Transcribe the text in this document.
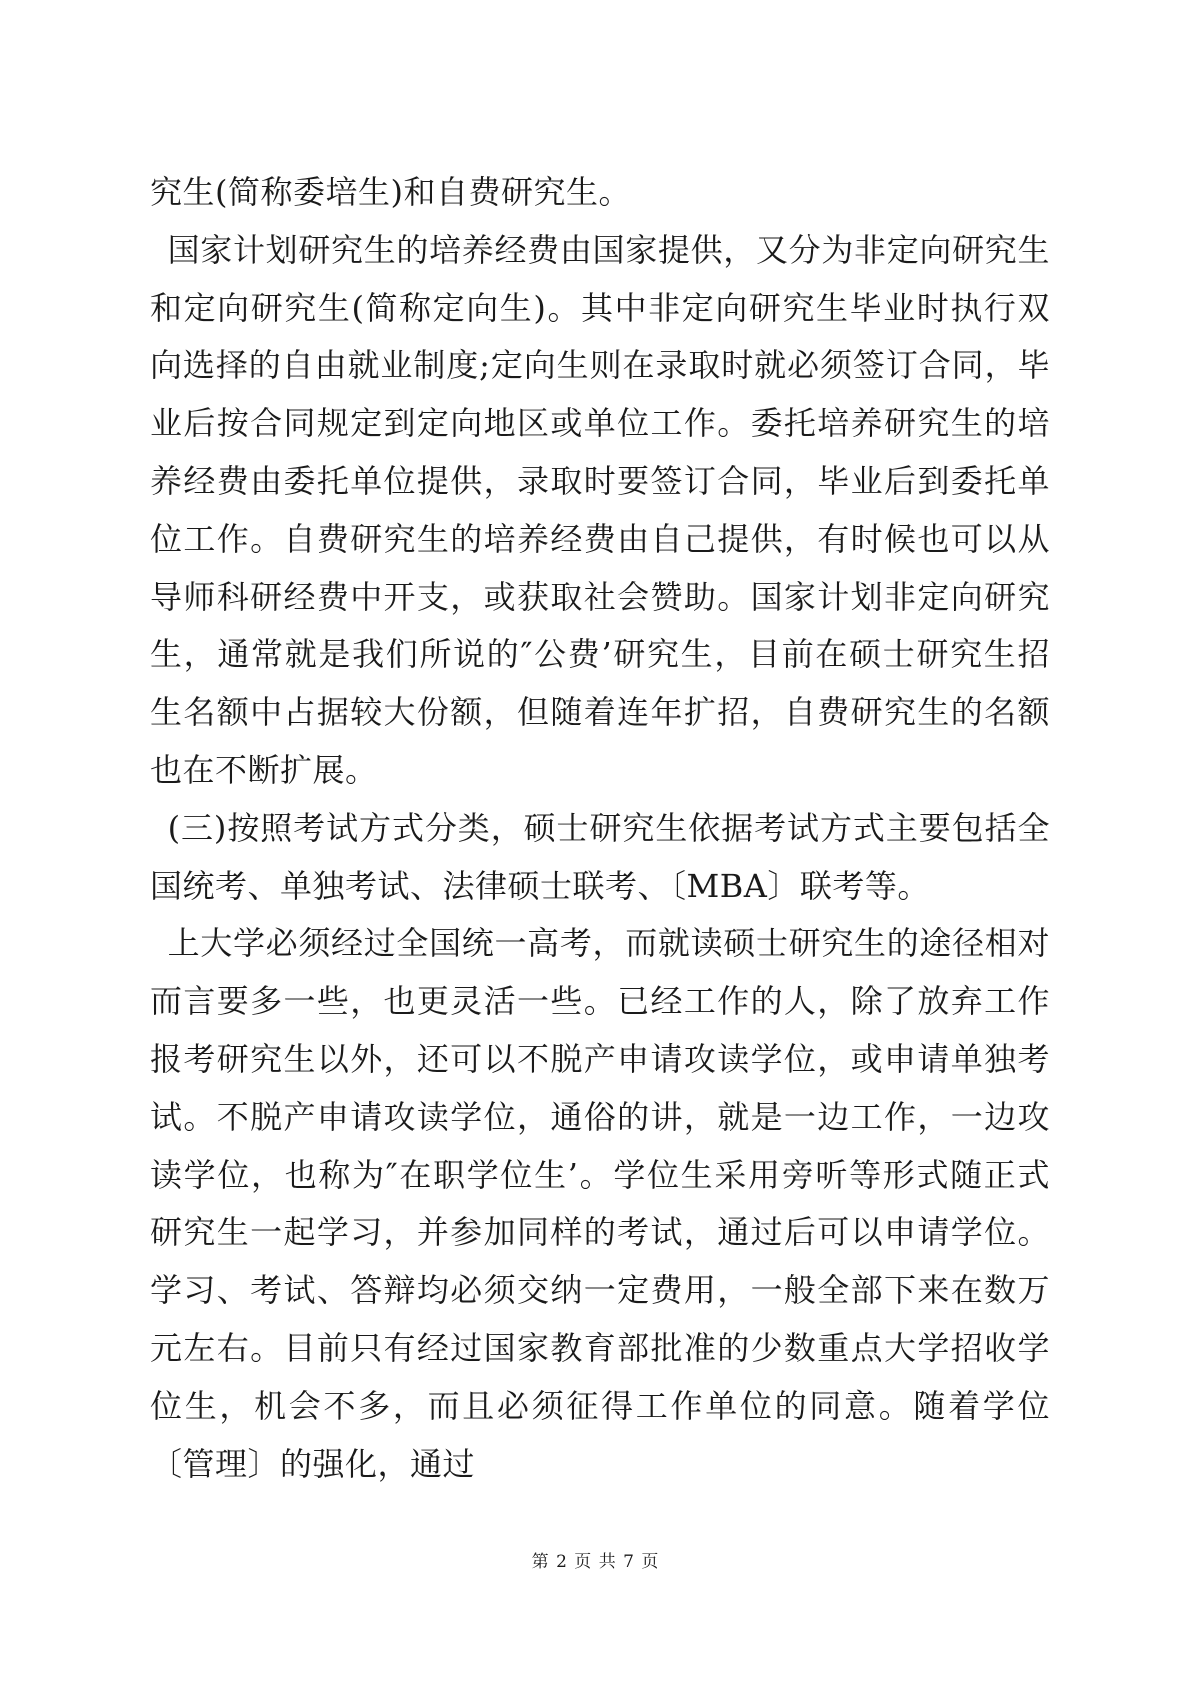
究生(简称委培生)和自费研究生。

国家计划研究生的培养经费由国家提供，又分为非定向研究生和定向研究生(简称定向生)。其中非定向研究生毕业时执行双向选择的自由就业制度;定向生则在录取时就必须签订合同，毕业后按合同规定到定向地区或单位工作。委托培养研究生的培养经费由委托单位提供，录取时要签订合同，毕业后到委托单位工作。自费研究生的培养经费由自己提供，有时候也可以从导师科研经费中开支，或获取社会赞助。国家计划非定向研究生，通常就是我们所说的″公费’研究生，目前在硕士研究生招生名额中占据较大份额，但随着连年扩招，自费研究生的名额也在不断扩展。

(三)按照考试方式分类，硕士研究生依据考试方式主要包括全国统考、单独考试、法律硕士联考、〔MBA〕联考等。

上大学必须经过全国统一高考，而就读硕士研究生的途径相对而言要多一些，也更灵活一些。已经工作的人，除了放弃工作报考研究生以外，还可以不脱产申请攻读学位，或申请单独考试。不脱产申请攻读学位，通俗的讲，就是一边工作，一边攻读学位，也称为″在职学位生’。学位生采用旁听等形式随正式研究生一起学习，并参加同样的考试，通过后可以申请学位。学习、考试、答辩均必须交纳一定费用，一般全部下来在数万元左右。目前只有经过国家教育部批准的少数重点大学招收学位生，机会不多，而且必须征得工作单位的同意。随着学位〔管理〕的强化，通过

第 2 页 共 7 页
